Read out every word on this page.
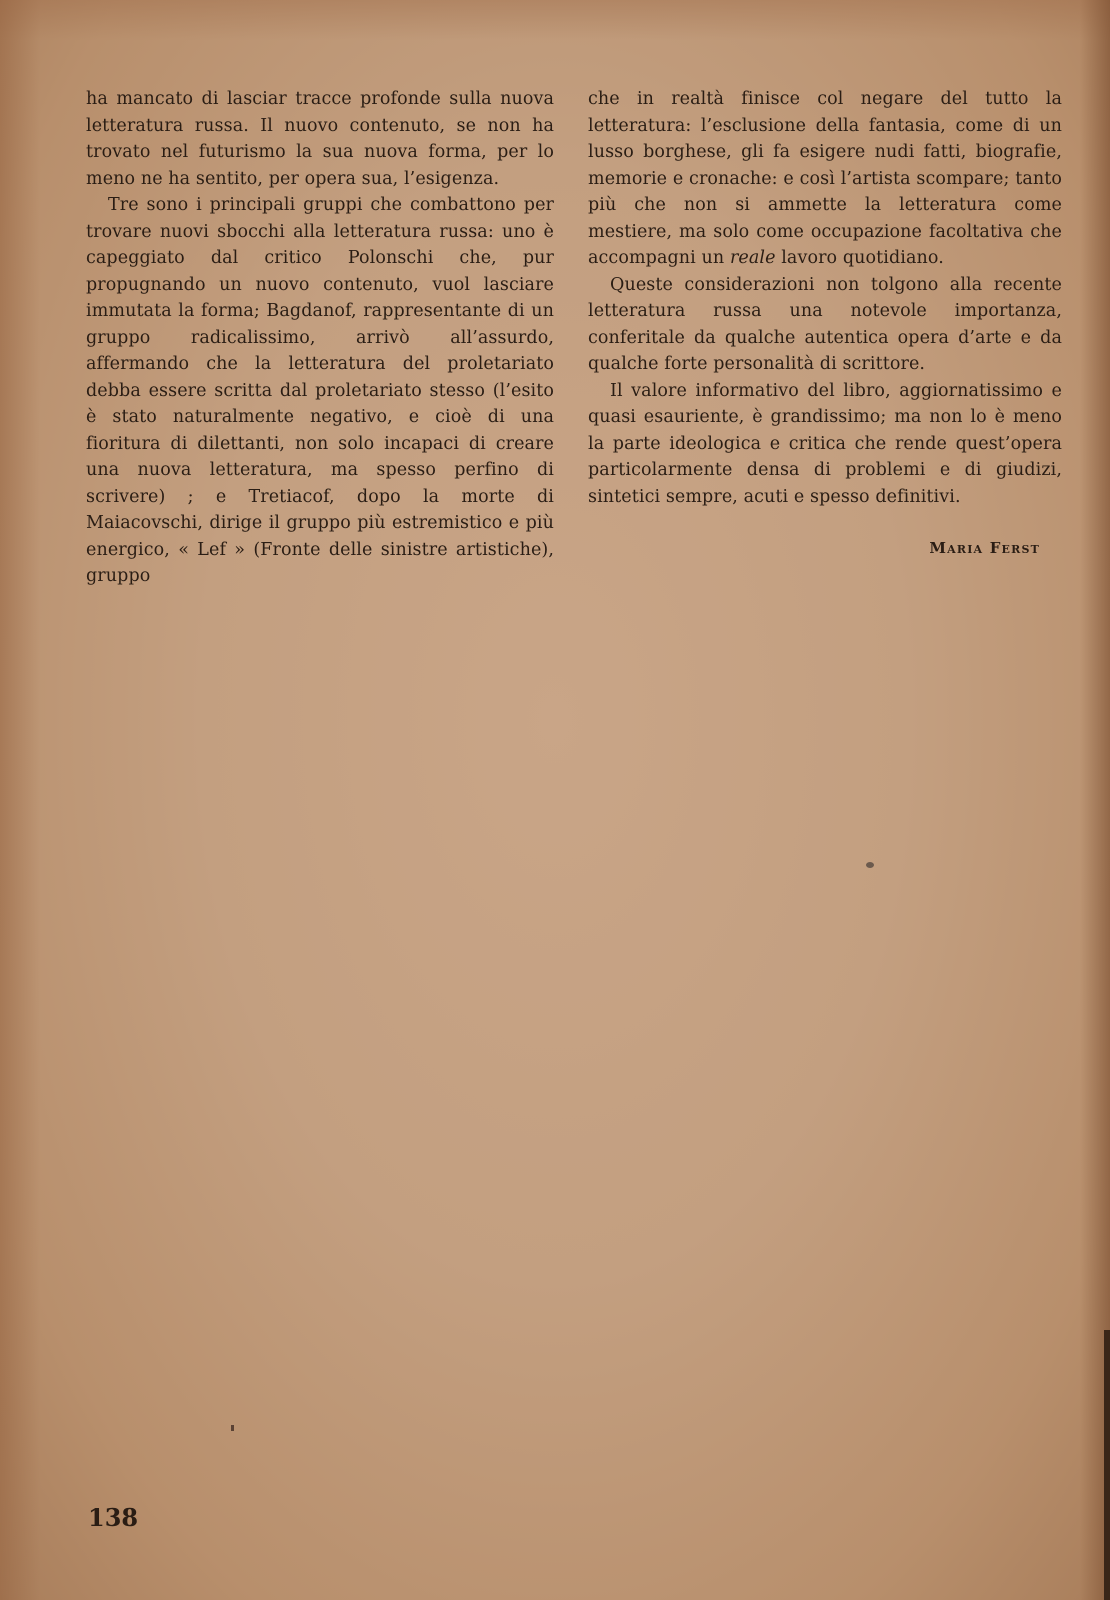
ha mancato di lasciar tracce profonde sulla nuova letteratura russa. Il nuovo contenuto, se non ha trovato nel futurismo la sua nuova forma, per lo meno ne ha sentito, per opera sua, l’esigenza.

Tre sono i principali gruppi che combattono per trovare nuovi sbocchi alla letteratura russa: uno è capeggiato dal critico Polonschi che, pur propugnando un nuovo contenuto, vuol lasciare immutata la forma; Bagdanof, rappresentante di un gruppo radicalissimo, arrivò all’assurdo, affermando che la letteratura del proletariato debba essere scritta dal proletariato stesso (l’esito è stato naturalmente negativo, e cioè di una fioritura di dilettanti, non solo incapaci di creare una nuova letteratura, ma spesso perfino di scrivere) ; e Tretiacof, dopo la morte di Maiacovschi, dirige il gruppo più estremistico e più energico, « Lef » (Fronte delle sinistre artistiche), gruppo

che in realtà finisce col negare del tutto la letteratura: l’esclusione della fantasia, come di un lusso borghese, gli fa esigere nudi fatti, biografie, memorie e cronache: e così l’artista scompare; tanto più che non si ammette la letteratura come mestiere, ma solo come occupazione facoltativa che accompagni un reale lavoro quotidiano.

Queste considerazioni non tolgono alla recente letteratura russa una notevole importanza, conferitale da qualche autentica opera d’arte e da qualche forte personalità di scrittore.

Il valore informativo del libro, aggiornatissimo e quasi esauriente, è grandissimo; ma non lo è meno la parte ideologica e critica che rende quest’opera particolarmente densa di problemi e di giudizi, sintetici sempre, acuti e spesso definitivi.

Maria Ferst
138
